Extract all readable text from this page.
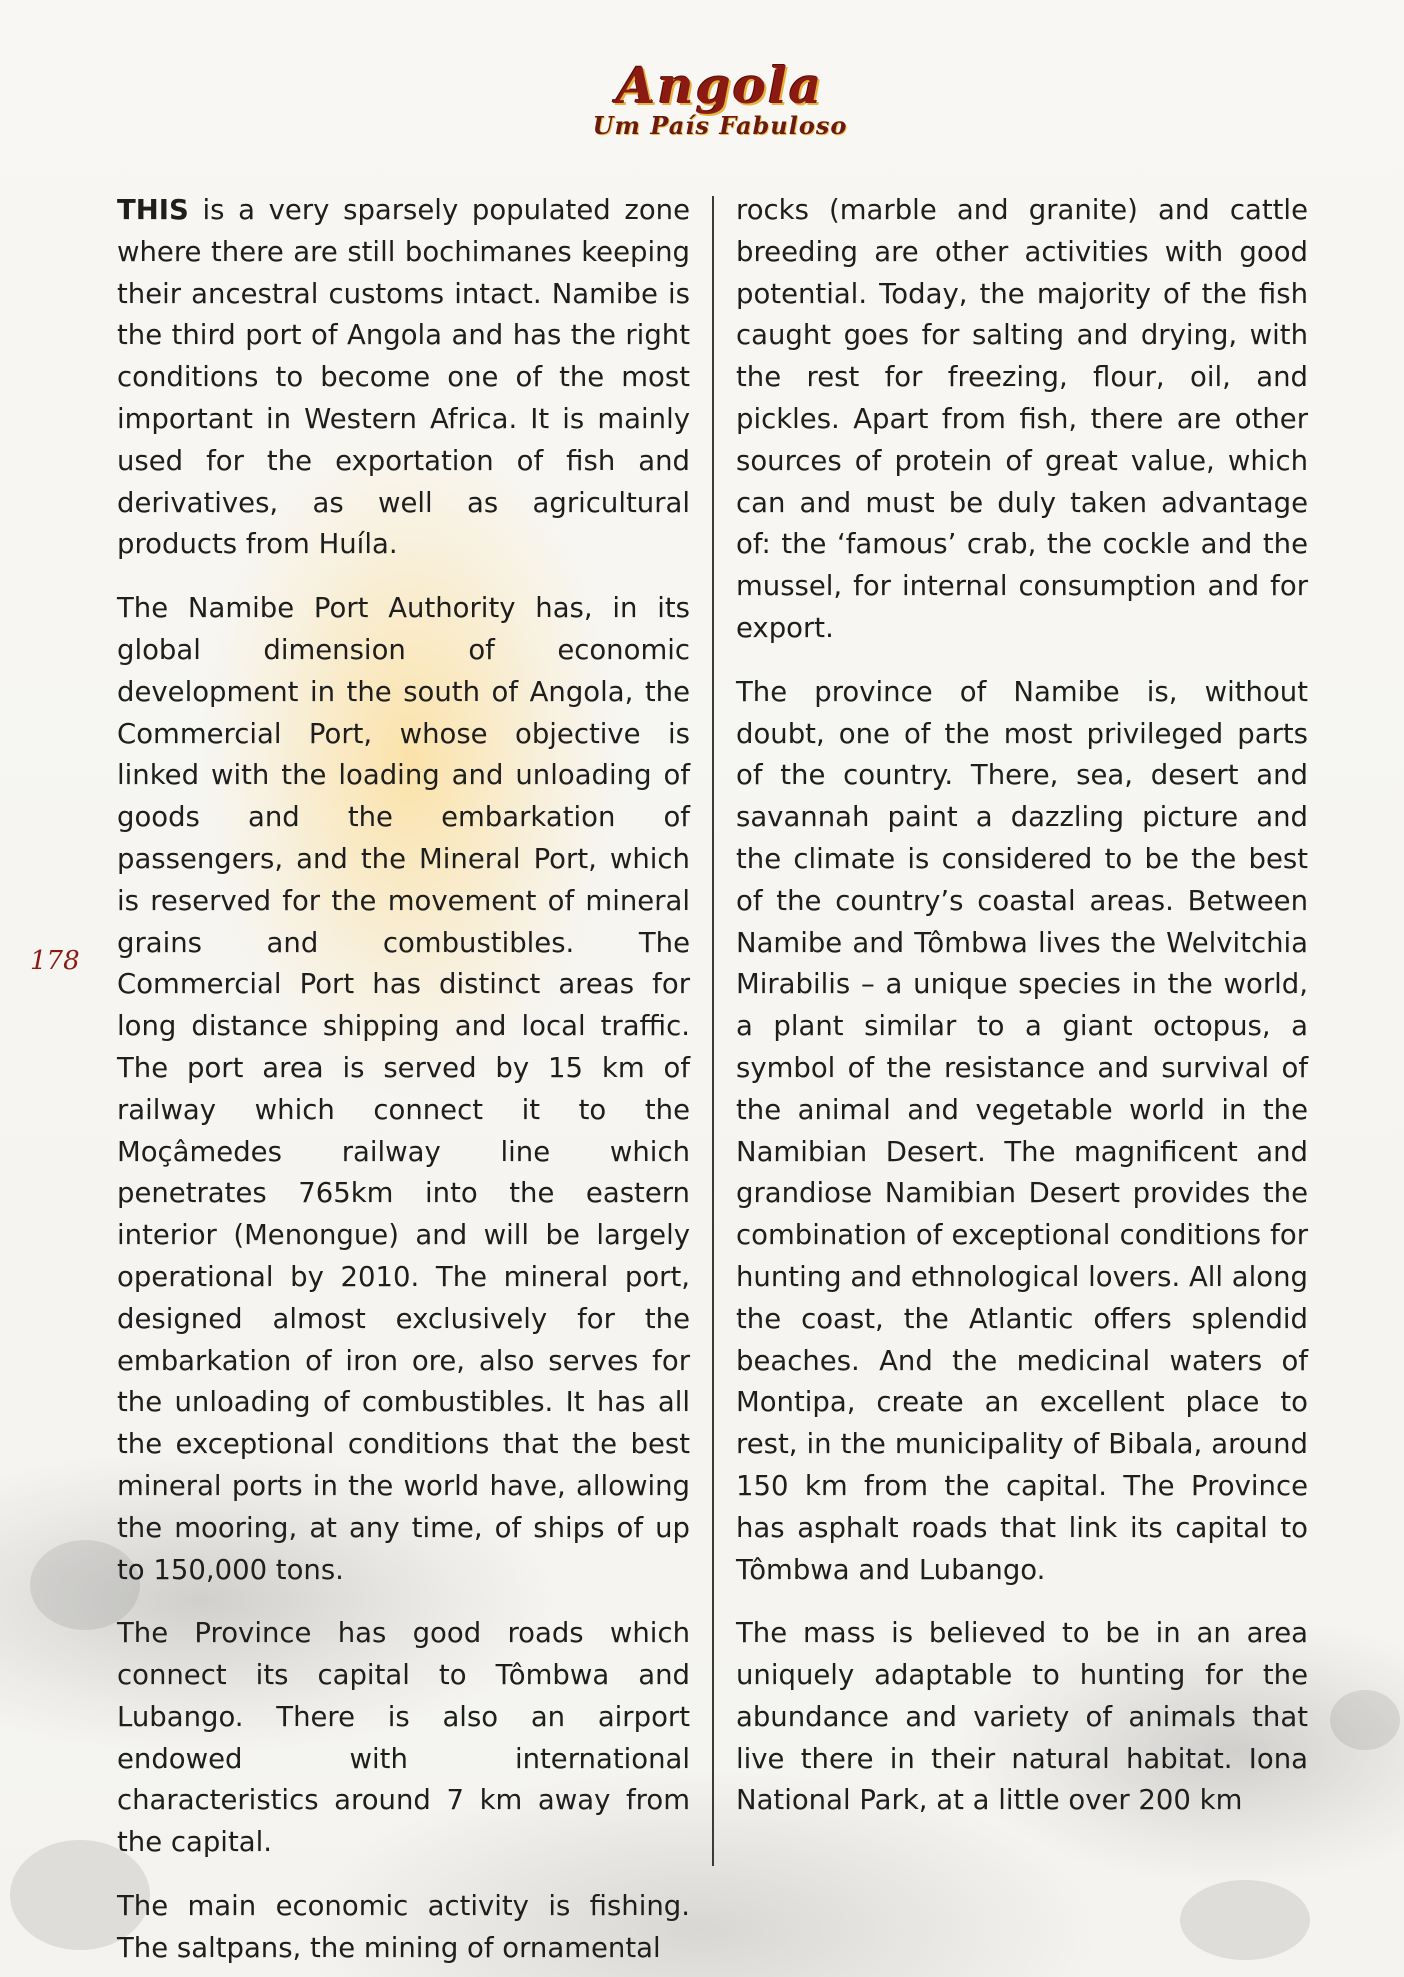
Angola
Um País Fabuloso
178

THIS is a very sparsely populated zone where there are still bochimanes keeping their ancestral customs intact. Namibe is the third port of Angola and has the right conditions to become one of the most important in Western Africa. It is mainly used for the exportation of fish and derivatives, as well as agricultural products from Huíla.

The Namibe Port Authority has, in its global dimension of economic development in the south of Angola, the Commercial Port, whose objective is linked with the loading and unloading of goods and the embarkation of passengers, and the Mineral Port, which is reserved for the movement of mineral grains and combustibles. The Commercial Port has distinct areas for long distance shipping and local traffic. The port area is served by 15 km of railway which connect it to the Moçâmedes railway line which penetrates 765km into the eastern interior (Menongue) and will be largely operational by 2010. The mineral port, designed almost exclusively for the embarkation of iron ore, also serves for the unloading of combustibles. It has all the exceptional conditions that the best mineral ports in the world have, allowing the mooring, at any time, of ships of up to 150,000 tons.

The Province has good roads which connect its capital to Tômbwa and Lubango. There is also an airport endowed with international characteristics around 7 km away from the capital.

The main economic activity is fishing. The saltpans, the mining of ornamental

rocks (marble and granite) and cattle breeding are other activities with good potential. Today, the majority of the fish caught goes for salting and drying, with the rest for freezing, flour, oil, and pickles. Apart from fish, there are other sources of protein of great value, which can and must be duly taken advantage of: the ‘famous’ crab, the cockle and the mussel, for internal consumption and for export.

The province of Namibe is, without doubt, one of the most privileged parts of the country. There, sea, desert and savannah paint a dazzling picture and the climate is considered to be the best of the country’s coastal areas. Between Namibe and Tômbwa lives the Welvitchia Mirabilis – a unique species in the world, a plant similar to a giant octopus, a symbol of the resistance and survival of the animal and vegetable world in the Namibian Desert. The magnificent and grandiose Namibian Desert provides the combination of exceptional conditions for hunting and ethnological lovers. All along the coast, the Atlantic offers splendid beaches. And the medicinal waters of Montipa, create an excellent place to rest, in the municipality of Bibala, around 150 km from the capital. The Province has asphalt roads that link its capital to Tômbwa and Lubango.

The mass is believed to be in an area uniquely adaptable to hunting for the abundance and variety of animals that live there in their natural habitat. Iona National Park, at a little over 200 km
